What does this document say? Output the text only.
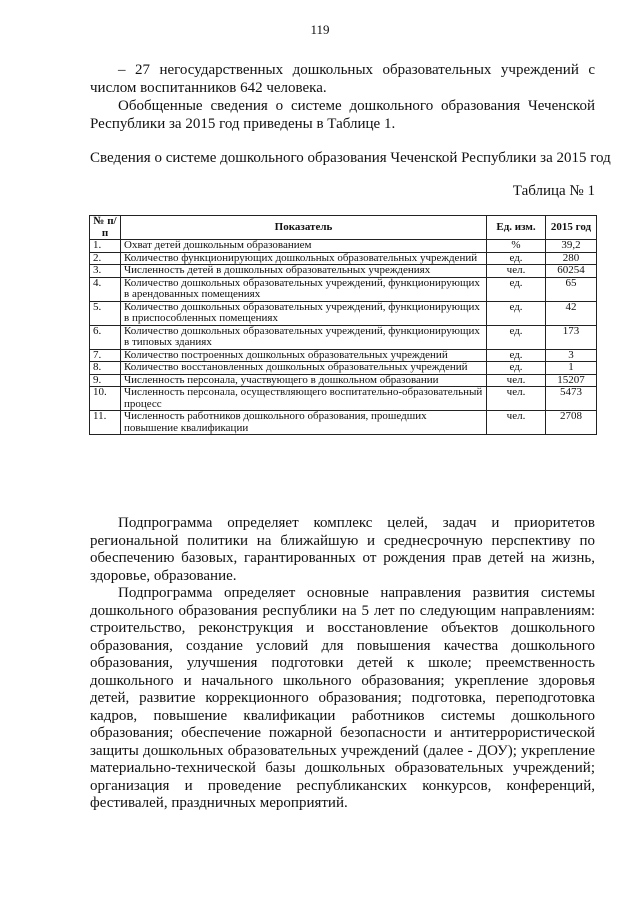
119

– 27 негосударственных дошкольных образовательных учреждений с числом воспитанников 642 человека.

Обобщенные сведения о системе дошкольного образования Чеченской Республики за 2015 год приведены в Таблице 1.

Сведения о системе дошкольного образования Чеченской Республики за 2015 год
Таблица № 1
№ п/п	Показатель	Ед. изм.	2015 год
1.	Охват детей дошкольным образованием	%	39,2
2.	Количество функционирующих дошкольных образовательных учреждений	ед.	280
3.	Численность детей в дошкольных образовательных учреждениях	чел.	60254
4.	Количество дошкольных образовательных учреждений, функционирующих в арендованных помещениях	ед.	65
5.	Количество дошкольных образовательных учреждений, функционирующих в приспособленных помещениях	ед.	42
6.	Количество дошкольных образовательных учреждений, функционирующих в типовых зданиях	ед.	173
7.	Количество построенных дошкольных образовательных учреждений	ед.	3
8.	Количество восстановленных дошкольных образовательных учреждений	ед.	1
9.	Численность персонала, участвующего в дошкольном образовании	чел.	15207
10.	Численность персонала, осуществляющего воспитательно-образовательный процесс	чел.	5473
11.	Численность работников дошкольного образования, прошедших повышение квалификации	чел.	2708

Подпрограмма определяет комплекс целей, задач и приоритетов региональной политики на ближайшую и среднесрочную перспективу по обеспечению базовых, гарантированных от рождения прав детей на жизнь, здоровье, образование.

Подпрограмма определяет основные направления развития системы дошкольного образования республики на 5 лет по следующим направлениям: строительство, реконструкция и восстановление объектов дошкольного образования, создание условий для повышения качества дошкольного образования, улучшения подготовки детей к школе; преемственность дошкольного и начального школьного образования; укрепление здоровья детей, развитие коррекционного образования; подготовка, переподготовка кадров, повышение квалификации работников системы дошкольного образования; обеспечение пожарной безопасности и антитеррористической защиты дошкольных образовательных учреждений (далее - ДОУ); укрепление материально-технической базы дошкольных образовательных учреждений; организация и проведение республиканских конкурсов, конференций, фестивалей, праздничных мероприятий.
